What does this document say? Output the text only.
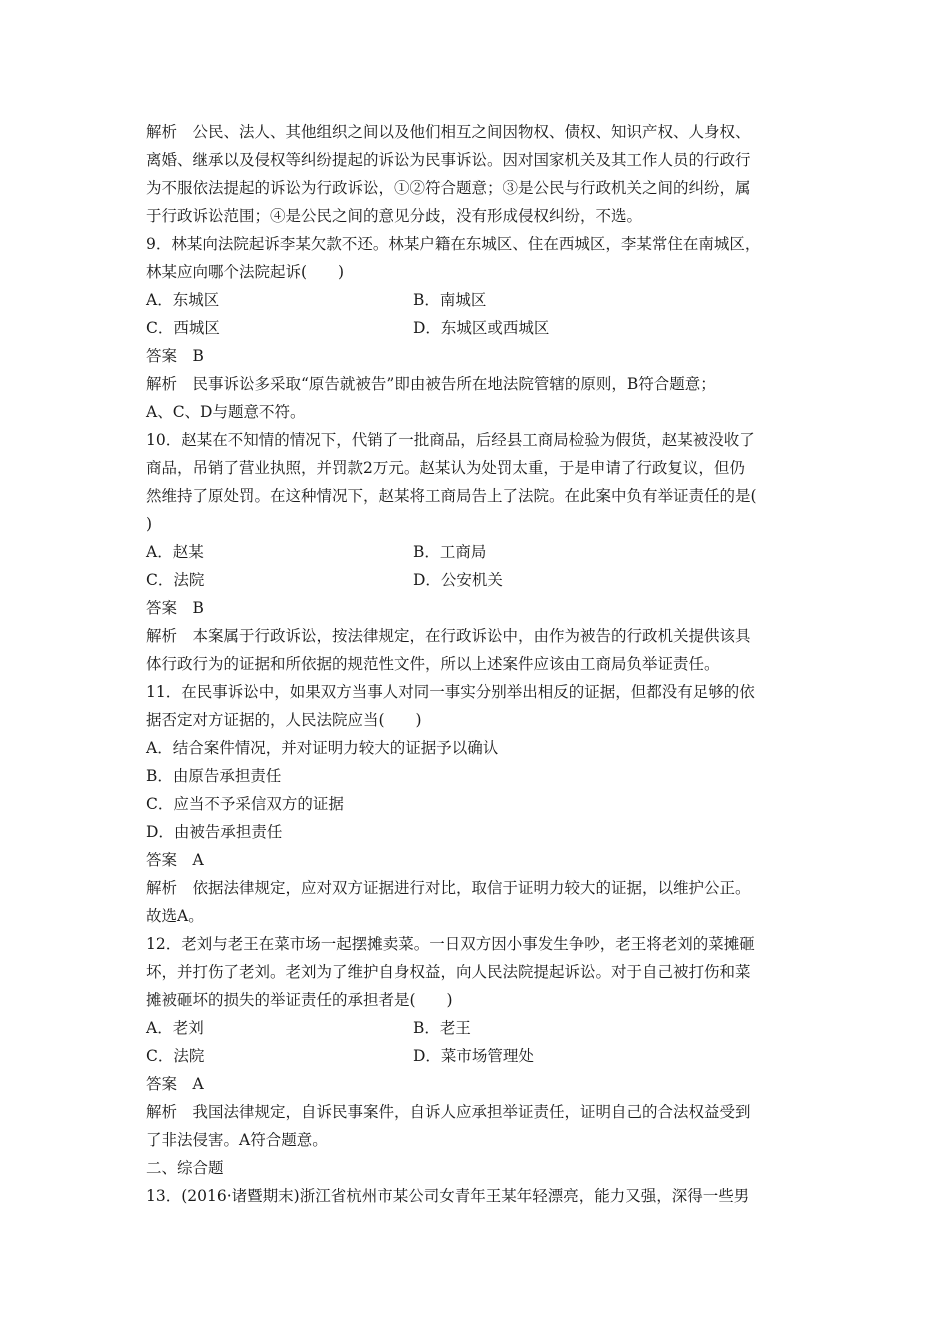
解析　公民、法人、其他组织之间以及他们相互之间因物权、债权、知识产权、人身权、
离婚、继承以及侵权等纠纷提起的诉讼为民事诉讼。因对国家机关及其工作人员的行政行
为不服依法提起的诉讼为行政诉讼，①②符合题意；③是公民与行政机关之间的纠纷，属
于行政诉讼范围；④是公民之间的意见分歧，没有形成侵权纠纷，不选。
9．林某向法院起诉李某欠款不还。林某户籍在东城区、住在西城区，李某常住在南城区，
林某应向哪个法院起诉(　　)
A．东城区	B．南城区
C．西城区	D．东城区或西城区
答案　B
解析　民事诉讼多采取“原告就被告”即由被告所在地法院管辖的原则，B符合题意；
A、C、D与题意不符。
10．赵某在不知情的情况下，代销了一批商品，后经县工商局检验为假货，赵某被没收了
商品，吊销了营业执照，并罚款2万元。赵某认为处罚太重，于是申请了行政复议，但仍
然维持了原处罚。在这种情况下，赵某将工商局告上了法院。在此案中负有举证责任的是(
)
A．赵某	B．工商局
C．法院	D．公安机关
答案　B
解析　本案属于行政诉讼，按法律规定，在行政诉讼中，由作为被告的行政机关提供该具
体行政行为的证据和所依据的规范性文件，所以上述案件应该由工商局负举证责任。
11．在民事诉讼中，如果双方当事人对同一事实分别举出相反的证据，但都没有足够的依
据否定对方证据的，人民法院应当(　　)
A．结合案件情况，并对证明力较大的证据予以确认
B．由原告承担责任
C．应当不予采信双方的证据
D．由被告承担责任
答案　A
解析　依据法律规定，应对双方证据进行对比，取信于证明力较大的证据，以维护公正。
故选A。
12．老刘与老王在菜市场一起摆摊卖菜。一日双方因小事发生争吵，老王将老刘的菜摊砸
坏，并打伤了老刘。老刘为了维护自身权益，向人民法院提起诉讼。对于自己被打伤和菜
摊被砸坏的损失的举证责任的承担者是(　　)
A．老刘	B．老王
C．法院	D．菜市场管理处
答案　A
解析　我国法律规定，自诉民事案件，自诉人应承担举证责任，证明自己的合法权益受到
了非法侵害。A符合题意。
二、综合题
13．(2016·诸暨期末)浙江省杭州市某公司女青年王某年轻漂亮，能力又强，深得一些男
